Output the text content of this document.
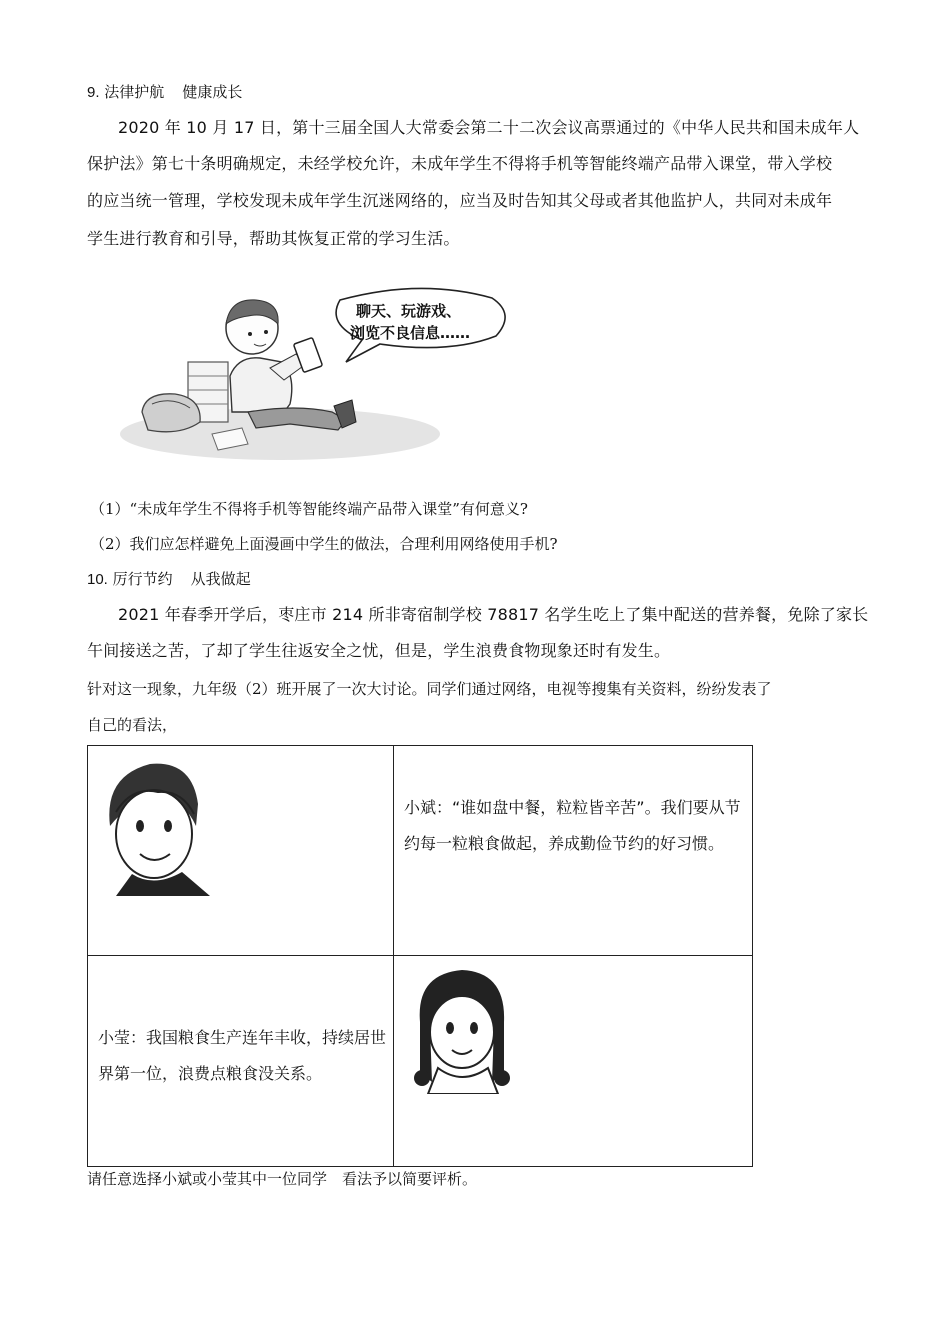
9. 法律护航 健康成长
2020 年 10 月 17 日，第十三届全国人大常委会第二十二次会议高票通过的《中华人民共和国未成年人
保护法》第七十条明确规定，未经学校允许，未成年学生不得将手机等智能终端产品带入课堂，带入学校
的应当统一管理，学校发现未成年学生沉迷网络的，应当及时告知其父母或者其他监护人，共同对未成年
学生进行教育和引导，帮助其恢复正常的学习生活。
聊天、玩游戏、
浏览不良信息……
（1）“未成年学生不得将手机等智能终端产品带入课堂”有何意义?
（2）我们应怎样避免上面漫画中学生的做法，合理利用网络使用手机?
10. 厉行节约 从我做起
2021 年春季开学后，枣庄市 214 所非寄宿制学校 78817 名学生吃上了集中配送的营养餐，免除了家长
午间接送之苦，了却了学生往返安全之忧，但是，学生浪费食物现象还时有发生。
针对这一现象，九年级（2）班开展了一次大讨论。同学们通过网络，电视等搜集有关资料，纷纷发表了
自己的看法，

小斌：“谁如盘中餐，粒粒皆辛苦”。我们要从节约每一粒粮食做起，养成勤俭节约的好习惯。

小莹：我国粮食生产连年丰收，持续居世界第一位，浪费点粮食没关系。

请任意选择小斌或小莹其中一位同学　看法予以简要评析。
